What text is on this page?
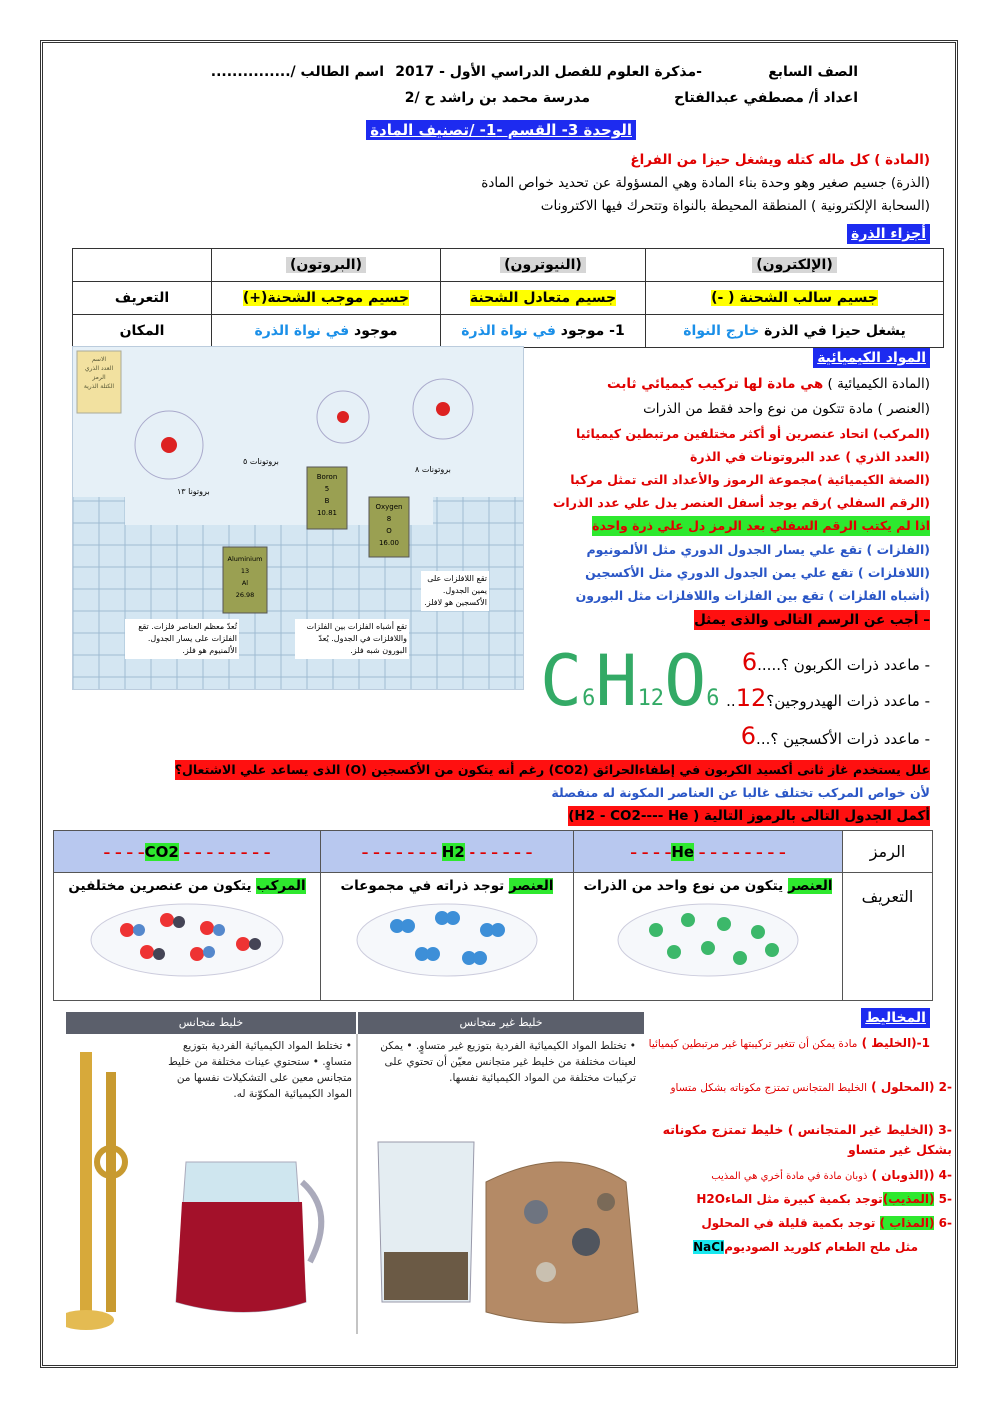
الصف السابع
-مذكرة العلوم للفصل الدراسي الأول - 2017
اسم الطالب /...............
اعداد أ/ مصطفي عبدالفتاح
مدرسة محمد بن راشد ح /2
الوحدة 3- القسم -1- /تصنيف المادة
(المادة ) كل ماله كتله ويشغل حيزا من الفراغ
(الذرة) جسيم صغير وهو وحدة بناء المادة وهي المسؤولة عن تحديد خواص المادة
(السحابة الإلكترونية ) المنطقة المحيطة بالنواة وتتحرك فيها الاكترونات
أجزاء الذرة
	(البروتون)	(النيوترون)	(الإلكترون)
التعريف	جسيم موجب الشحنة(+)	جسيم متعادل الشحنة	جسيم سالب الشحنة ( -)
المكان	موجود في نواة الذرة	1- موجود في نواة الذرة	يشغل حيزا في الذرة خارج النواة
الاسم
العدد الذري
الرمز
الكتلة الذرية
Boron
5
B
10.81
Oxygen
8
O
16.00
Aluminium
13
Al
26.98
بروتونات ٥
بروتونات ٨
بروتونا ١٣
تُعدّ معظم العناصر فلزات. تقع الفلزات على يسار الجدول. الألمنيوم هو فلز.
تقع أشباه الفلزات بين الفلزات واللافلزات في الجدول. يُعدّ البورون شبه فلز.
تقع اللافلزات على يمين الجدول. الأكسجين هو لافلز.
المواد الكيميائية
(المادة الكيميائية ) هي مادة لها تركيب كيميائي ثابت
(العنصر ) مادة تتكون من نوع واحد فقط من الذرات
(المركب) اتحاد عنصرين أو أكثر مختلفين مرتبطين كيميائيا
(العدد الذري ) عدد البروتونات في الذرة
(الصغة الكيميائية )مجموعة الرموز والأعداد التى تمثل مركبا
(الرقم السفلي )رقم يوجد أسفل العنصر يدل علي عدد الذرات
اذا لم يكتب الرقم السفلي بعد الرمز دل علي ذرة واحدة
(الفلزات ) تقع علي يسار الجدول الدوري مثل الألمونيوم
(اللافلزات ) تقع علي يمن الجدول الدوري مثل الأكسجين
(أشباه الفلزات ) تقع بين الفلزات واللافلزات مثل البورون
– أجب عن الرسم التالى والذى يمثل
C6H12O6
- ماعدد ذرات الكربون ؟.....6
- ماعدد ذرات الهيدروجين؟12..
- ماعدد ذرات الأكسجين ؟...6
علل يستخدم غاز ثانى أكسيد الكربون في إطفاءالحرائق (CO2) رغم أنه يتكون من الأكسجين (O) الذى يساعد علي الاشتعال؟
لأن خواص المركب تختلف غالبا عن العناصر المكونة له منفصلة
أكمل الجدول التالى بالرموز التالية ( H2 - CO2---- He)
– – – – – – – – CO2– – – –	– – – – – - H2 – – – – – – –	– – – – – – – – He– – – –	الرمز

المركب يتكون من عنصرين مختلفين	العنصر توجد ذراته في مجموعات	العنصر يتكون من نوع واحد من الذرات	التعريف
خليط متجانس	خليط غير متجانس
• تختلط المواد الكيميائية الفردية بتوزيع متساوٍ. • ستحتوي عينات مختلفة من خليط متجانس معين على التشكيلات نفسها من المواد الكيميائية المكوّنة له.
• تختلط المواد الكيميائية الفردية بتوزيع غير متساوٍ. • يمكن لعينات مختلفة من خليط غير متجانس معيّن أن تحتوي على تركيبات مختلفة من المواد الكيميائية نفسها.
المخاليط
1-(الخليط ) مادة يمكن أن تتغير تركيبتها غير مرتبطين كيميائيا
-2 (المحلول ) الخليط المتجانس تمتزج مكوناته بشكل متساو
-3 (الخليط غير المتجانس ) خليط تمتزج مكوناته بشكل غير متساو
-4 ((الذوبان ) ذوبان مادة في مادة أخري هي المذيب
-5 (المذيب)توجد بكمية كبيرة مثل الماءH2O
-6 (المذاب ) توجد بكمية قليلة في المحلول
مثل ملح الطعام كلوريد الصوديومNaCl
